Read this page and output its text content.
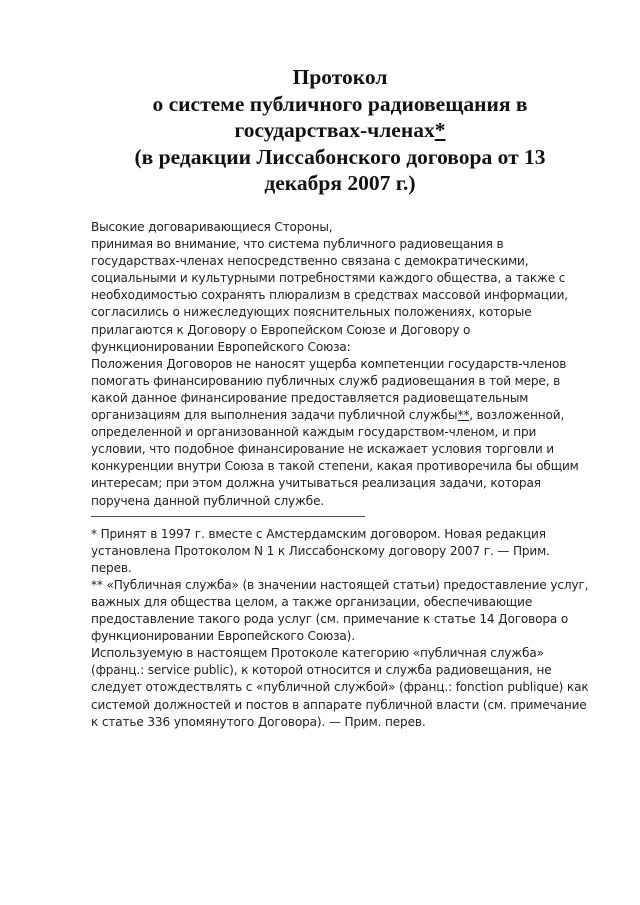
Протокол
о системе публичного радиовещания в
государствах-членах*
(в редакции Лиссабонского договора от 13
декабря 2007 г.)
Высокие договаривающиеся Стороны,
принимая во внимание, что система публичного радиовещания в
государствах-членах непосредственно связана с демократическими,
социальными и культурными потребностями каждого общества, а также с
необходимостью сохранять плюрализм в средствах массовой информации,
согласились о нижеследующих пояснительных положениях, которые
прилагаются к Договору о Европейском Союзе и Договору о
функционировании Европейского Союза:
Положения Договоров не наносят ущерба компетенции государств-членов
помогать финансированию публичных служб радиовещания в той мере, в
какой данное финансирование предоставляется радиовещательным
организациям для выполнения задачи публичной службы**, возложенной,
определенной и организованной каждым государством-членом, и при
условии, что подобное финансирование не искажает условия торговли и
конкуренции внутри Союза в такой степени, какая противоречила бы общим
интересам; при этом должна учитываться реализация задачи, которая
поручена данной публичной службе.
* Принят в 1997 г. вместе с Амстердамским договором. Новая редакция
установлена Протоколом N 1 к Лиссабонскому договору 2007 г. — Прим.
перев.
** «Публичная служба» (в значении настоящей статьи) предоставление услуг,
важных для общества целом, а также организации, обеспечивающие
предоставление такого рода услуг (см. примечание к статье 14 Договора о
функционировании Европейского Союза).
Используемую в настоящем Протоколе категорию «публичная служба»
(франц.: service public), к которой относится и служба радиовещания, не
следует отождествлять с «публичной службой» (франц.: fonction publique) как
системой должностей и постов в аппарате публичной власти (см. примечание
к статье 336 упомянутого Договора). — Прим. перев.
